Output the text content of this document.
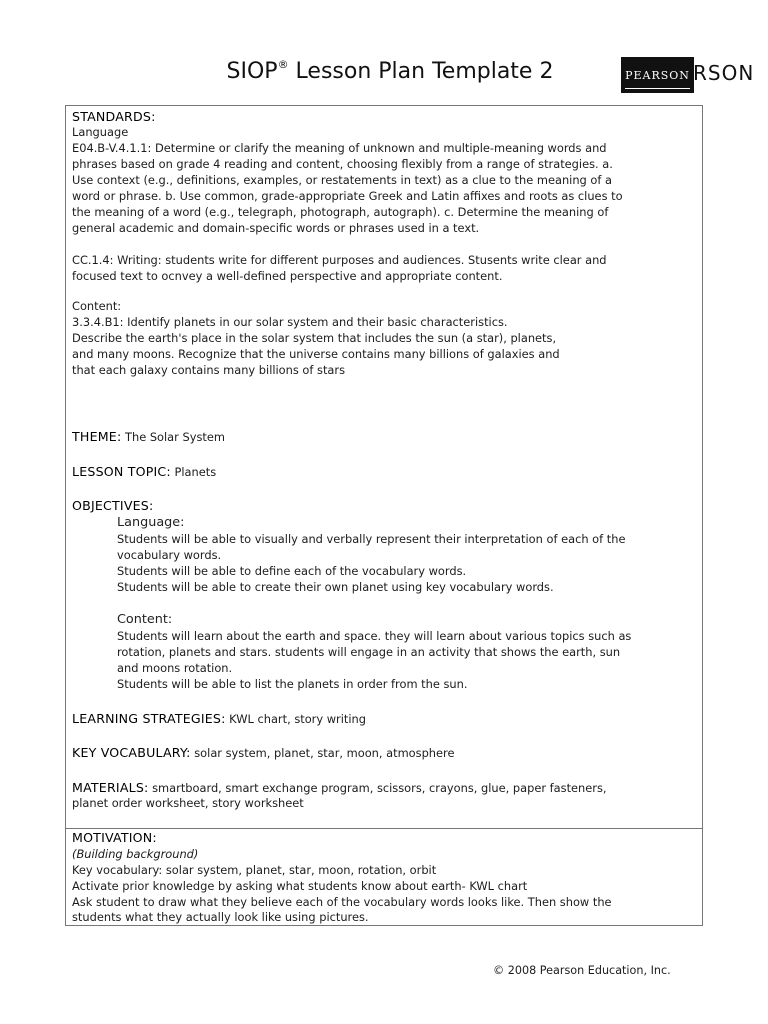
SIOP® Lesson Plan Template 2	PEARSON RSON
STANDARDS:
Language
E04.B-V.4.1.1: Determine or clarify the meaning of unknown and multiple-meaning words and
phrases based on grade 4 reading and content, choosing flexibly from a range of strategies. a.
Use context (e.g., definitions, examples, or restatements in text) as a clue to the meaning of a
word or phrase. b. Use common, grade-appropriate Greek and Latin affixes and roots as clues to
the meaning of a word (e.g., telegraph, photograph, autograph). c. Determine the meaning of
general academic and domain-specific words or phrases used in a text.
CC.1.4: Writing: students write for different purposes and audiences. Stusents write clear and
focused text to ocnvey a well-defined perspective and appropriate content.
Content:
3.3.4.B1: Identify planets in our solar system and their basic characteristics.
Describe the earth's place in the solar system that includes the sun (a star), planets,
and many moons. Recognize that the universe contains many billions of galaxies and
that each galaxy contains many billions of stars
THEME: The Solar System
LESSON TOPIC: Planets
OBJECTIVES:
Language:
Students will be able to visually and verbally represent their interpretation of each of the
vocabulary words.
Students will be able to define each of the vocabulary words.
Students will be able to create their own planet using key vocabulary words.
Content:
Students will learn about the earth and space. they will learn about various topics such as
rotation, planets and stars. students will engage in an activity that shows the earth, sun
and moons rotation.
Students will be able to list the planets in order from the sun.
LEARNING STRATEGIES: KWL chart, story writing
KEY VOCABULARY: solar system, planet, star, moon, atmosphere
MATERIALS: smartboard, smart exchange program, scissors, crayons, glue, paper fasteners,
planet order worksheet, story worksheet
MOTIVATION:
(Building background)
Key vocabulary: solar system, planet, star, moon, rotation, orbit
Activate prior knowledge by asking what students know about earth- KWL chart
Ask student to draw what they believe each of the vocabulary words looks like. Then show the
students what they actually look like using pictures.
© 2008 Pearson Education, Inc.
